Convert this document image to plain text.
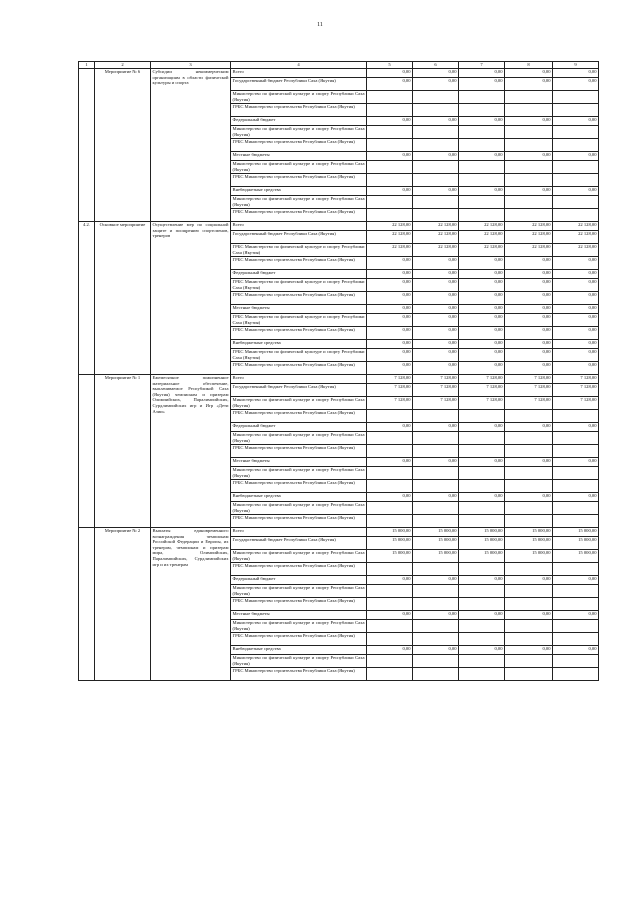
11
1	2	3	4	5	6	7	8	9
	Мероприятие № 6	Субсидии некоммерческим организациям в области физической культуры и спорта	Всего	0,00	0,00	0,00	0,00	0,00
			Государственный бюджет Республики Саха (Якутия)	0,00	0,00	0,00	0,00	0,00
			Министерство по физической культуре и спорту Республики Саха (Якутия)					
			ГРБС Министерство строительства Республики Саха (Якутия)					
			Федеральный бюджет	0,00	0,00	0,00	0,00	0,00
			Министерство по физической культуре и спорту Республики Саха (Якутия)					
			ГРБС Министерство строительства Республики Саха (Якутия)					
			Местные бюджеты	0,00	0,00	0,00	0,00	0,00
			Министерство по физической культуре и спорту Республики Саха (Якутия)					
			ГРБС Министерство строительства Республики Саха (Якутия)					
			Внебюджетные средства	0,00	0,00	0,00	0,00	0,00
			Министерство по физической культуре и спорту Республики Саха (Якутия)					
			ГРБС Министерство строительства Республики Саха (Якутия)					
4.2.	Основное мероприятие	Осуществление мер по социальной защите и поощрению спортсменов, тренеров	Всего	22 128,00	22 128,00	22 128,00	22 128,00	22 128,00
			Государственный бюджет Республики Саха (Якутия)	22 128,00	22 128,00	22 128,00	22 128,00	22 128,00
			ГРБС Министерство по физической культуре и спорту Республики Саха (Якутия)	22 128,00	22 128,00	22 128,00	22 128,00	22 128,00
			ГРБС Министерство строительства Республики Саха (Якутия)	0,00	0,00	0,00	0,00	0,00
			Федеральный бюджет	0,00	0,00	0,00	0,00	0,00
			ГРБС Министерство по физической культуре и спорту Республики Саха (Якутия)	0,00	0,00	0,00	0,00	0,00
			ГРБС Министерство строительства Республики Саха (Якутия)	0,00	0,00	0,00	0,00	0,00
			Местные бюджеты	0,00	0,00	0,00	0,00	0,00
			ГРБС Министерство по физической культуре и спорту Республики Саха (Якутия)	0,00	0,00	0,00	0,00	0,00
			ГРБС Министерство строительства Республики Саха (Якутия)	0,00	0,00	0,00	0,00	0,00
			Внебюджетные средства	0,00	0,00	0,00	0,00	0,00
			ГРБС Министерство по физической культуре и спорту Республики Саха (Якутия)	0,00	0,00	0,00	0,00	0,00
			ГРБС Министерство строительства Республики Саха (Якутия)	0,00	0,00	0,00	0,00	0,00
	Мероприятие № 1	Ежемесячное пожизненное материальное обеспечение, выплачиваемое Республикой Саха (Якутия) чемпионам и призерам Олимпийских, Паралимпийских, Сурдлимпийских игр и Игр «Дети Азии»	Всего	7 128,00	7 128,00	7 128,00	7 128,00	7 128,00
			Государственный бюджет Республики Саха (Якутия)	7 128,00	7 128,00	7 128,00	7 128,00	7 128,00
			Министерство по физической культуре и спорту Республики Саха (Якутия)	7 128,00	7 128,00	7 128,00	7 128,00	7 128,00
			ГРБС Министерство строительства Республики Саха (Якутия)					
			Федеральный бюджет	0,00	0,00	0,00	0,00	0,00
			Министерство по физической культуре и спорту Республики Саха (Якутия)					
			ГРБС Министерство строительства Республики Саха (Якутия)					
			Местные бюджеты	0,00	0,00	0,00	0,00	0,00
			Министерство по физической культуре и спорту Республики Саха (Якутия)					
			ГРБС Министерство строительства Республики Саха (Якутия)					
			Внебюджетные средства	0,00	0,00	0,00	0,00	0,00
			Министерство по физической культуре и спорту Республики Саха (Якутия)					
			ГРБС Министерство строительства Республики Саха (Якутия)					
	Мероприятие № 2	Выплаты единовременного вознаграждения чемпионам Российской Федерации и Европы, их тренерам, чемпионам и призерам мира, Олимпийских, Паралимпийских, Сурдлимпийских игр и их тренерам	Всего	15 000,00	15 000,00	15 000,00	15 000,00	15 000,00
			Государственный бюджет Республики Саха (Якутия)	15 000,00	15 000,00	15 000,00	15 000,00	15 000,00
			Министерство по физической культуре и спорту Республики Саха (Якутия)	15 000,00	15 000,00	15 000,00	15 000,00	15 000,00
			ГРБС Министерство строительства Республики Саха (Якутия)					
			Федеральный бюджет	0,00	0,00	0,00	0,00	0,00
			Министерство по физической культуре и спорту Республики Саха (Якутия)					
			ГРБС Министерство строительства Республики Саха (Якутия)					
			Местные бюджеты	0,00	0,00	0,00	0,00	0,00
			Министерство по физической культуре и спорту Республики Саха (Якутия)					
			ГРБС Министерство строительства Республики Саха (Якутия)					
			Внебюджетные средства	0,00	0,00	0,00	0,00	0,00
			Министерство по физической культуре и спорту Республики Саха (Якутия)					
			ГРБС Министерство строительства Республики Саха (Якутия)					
